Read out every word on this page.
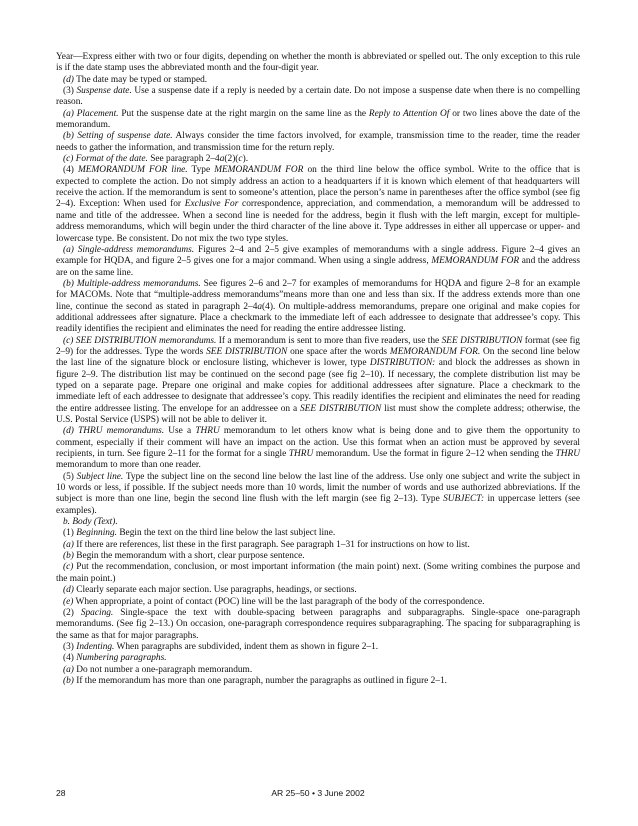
Year—Express either with two or four digits, depending on whether the month is abbreviated or spelled out. The only exception to this rule is if the date stamp uses the abbreviated month and the four-digit year.

(d) The date may be typed or stamped.

(3) Suspense date. Use a suspense date if a reply is needed by a certain date. Do not impose a suspense date when there is no compelling reason.

(a) Placement. Put the suspense date at the right margin on the same line as the Reply to Attention Of or two lines above the date of the memorandum.

(b) Setting of suspense date. Always consider the time factors involved, for example, transmission time to the reader, time the reader needs to gather the information, and transmission time for the return reply.

(c) Format of the date. See paragraph 2–4a(2)(c).

(4) MEMORANDUM FOR line. Type MEMORANDUM FOR on the third line below the office symbol. Write to the office that is expected to complete the action. Do not simply address an action to a headquarters if it is known which element of that headquarters will receive the action. If the memorandum is sent to someone’s attention, place the person’s name in parentheses after the office symbol (see fig 2–4). Exception: When used for Exclusive For correspondence, appreciation, and commendation, a memorandum will be addressed to name and title of the addressee. When a second line is needed for the address, begin it flush with the left margin, except for multiple-address memorandums, which will begin under the third character of the line above it. Type addresses in either all uppercase or upper- and lowercase type. Be consistent. Do not mix the two type styles.

(a) Single-address memorandums. Figures 2–4 and 2–5 give examples of memorandums with a single address. Figure 2–4 gives an example for HQDA, and figure 2–5 gives one for a major command. When using a single address, MEMORANDUM FOR and the address are on the same line.

(b) Multiple-address memorandums. See figures 2–6 and 2–7 for examples of memorandums for HQDA and figure 2–8 for an example for MACOMs. Note that “multiple-address memorandums”means more than one and less than six. If the address extends more than one line, continue the second as stated in paragraph 2–4a(4). On multiple-address memorandums, prepare one original and make copies for additional addressees after signature. Place a checkmark to the immediate left of each addressee to designate that addressee’s copy. This readily identifies the recipient and eliminates the need for reading the entire addressee listing.

(c) SEE DISTRIBUTION memorandums. If a memorandum is sent to more than five readers, use the SEE DISTRIBUTION format (see fig 2–9) for the addresses. Type the words SEE DISTRIBUTION one space after the words MEMORANDUM FOR. On the second line below the last line of the signature block or enclosure listing, whichever is lower, type DISTRIBUTION: and block the addresses as shown in figure 2–9. The distribution list may be continued on the second page (see fig 2–10). If necessary, the complete distribution list may be typed on a separate page. Prepare one original and make copies for additional addressees after signature. Place a checkmark to the immediate left of each addressee to designate that addressee’s copy. This readily identifies the recipient and eliminates the need for reading the entire addressee listing. The envelope for an addressee on a SEE DISTRIBUTION list must show the complete address; otherwise, the U.S. Postal Service (USPS) will not be able to deliver it.

(d) THRU memorandums. Use a THRU memorandum to let others know what is being done and to give them the opportunity to comment, especially if their comment will have an impact on the action. Use this format when an action must be approved by several recipients, in turn. See figure 2–11 for the format for a single THRU memorandum. Use the format in figure 2–12 when sending the THRU memorandum to more than one reader.

(5) Subject line. Type the subject line on the second line below the last line of the address. Use only one subject and write the subject in 10 words or less, if possible. If the subject needs more than 10 words, limit the number of words and use authorized abbreviations. If the subject is more than one line, begin the second line flush with the left margin (see fig 2–13). Type SUBJECT: in uppercase letters (see examples).

b. Body (Text).

(1) Beginning. Begin the text on the third line below the last subject line.

(a) If there are references, list these in the first paragraph. See paragraph 1–31 for instructions on how to list.

(b) Begin the memorandum with a short, clear purpose sentence.

(c) Put the recommendation, conclusion, or most important information (the main point) next. (Some writing combines the purpose and the main point.)

(d) Clearly separate each major section. Use paragraphs, headings, or sections.

(e) When appropriate, a point of contact (POC) line will be the last paragraph of the body of the correspondence.

(2) Spacing. Single-space the text with double-spacing between paragraphs and subparagraphs. Single-space one-paragraph memorandums. (See fig 2–13.) On occasion, one-paragraph correspondence requires subparagraphing. The spacing for subparagraphing is the same as that for major paragraphs.

(3) Indenting. When paragraphs are subdivided, indent them as shown in figure 2–1.

(4) Numbering paragraphs.

(a) Do not number a one-paragraph memorandum.

(b) If the memorandum has more than one paragraph, number the paragraphs as outlined in figure 2–1.

28	AR 25–50 • 3 June 2002
